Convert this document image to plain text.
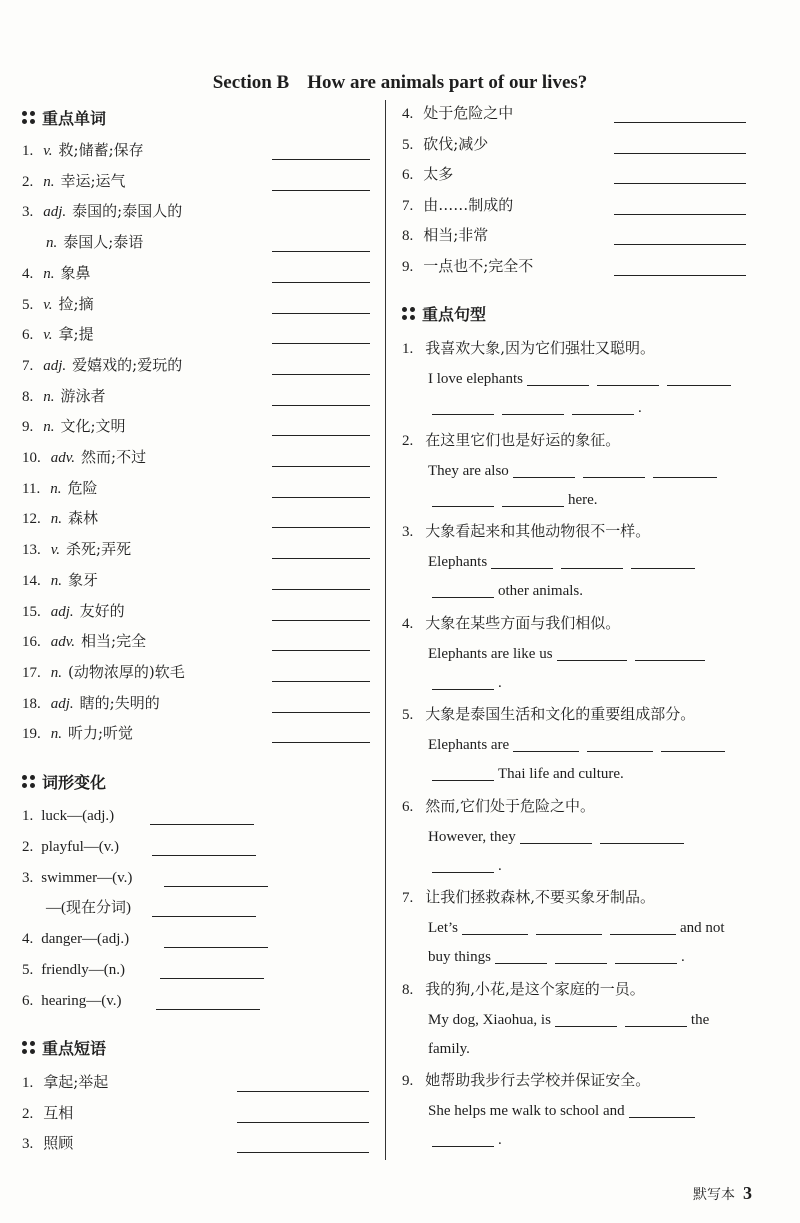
Section B How are animals part of our lives?
重点单词
1. v. 救;储蓄;保存
2. n. 幸运;运气
3. adj. 泰国的;泰国人的
n. 泰国人;泰语
4. n. 象鼻
5. v. 捡;摘
6. v. 拿;提
7. adj. 爱嬉戏的;爱玩的
8. n. 游泳者
9. n. 文化;文明
10. adv. 然而;不过
11. n. 危险
12. n. 森林
13. v. 杀死;弄死
14. n. 象牙
15. adj. 友好的
16. adv. 相当;完全
17. n. (动物浓厚的)软毛
18. adj. 瞎的;失明的
19. n. 听力;听觉
词形变化
1. luck—(adj.)
2. playful—(v.)
3. swimmer—(v.)
—(现在分词)
4. danger—(adj.)
5. friendly—(n.)
6. hearing—(v.)
重点短语
1. 拿起;举起
2. 互相
3. 照顾
4. 处于危险之中
5. 砍伐;减少
6. 太多
7. 由……制成的
8. 相当;非常
9. 一点也不;完全不
重点句型
1. 我喜欢大象,因为它们强壮又聪明。
I love elephants
.
2. 在这里它们也是好运的象征。
They are also
here.
3. 大象看起来和其他动物很不一样。
Elephants
other animals.
4. 大象在某些方面与我们相似。
Elephants are like us
.
5. 大象是泰国生活和文化的重要组成部分。
Elephants are
Thai life and culture.
6. 然而,它们处于危险之中。
However, they
.
7. 让我们拯救森林,不要买象牙制品。
Let’s	and not
buy things	.
8. 我的狗,小花,是这个家庭的一员。
My dog, Xiaohua, is	the
family.
9. 她帮助我步行去学校并保证安全。
She helps me walk to school and
.
默写本 3
